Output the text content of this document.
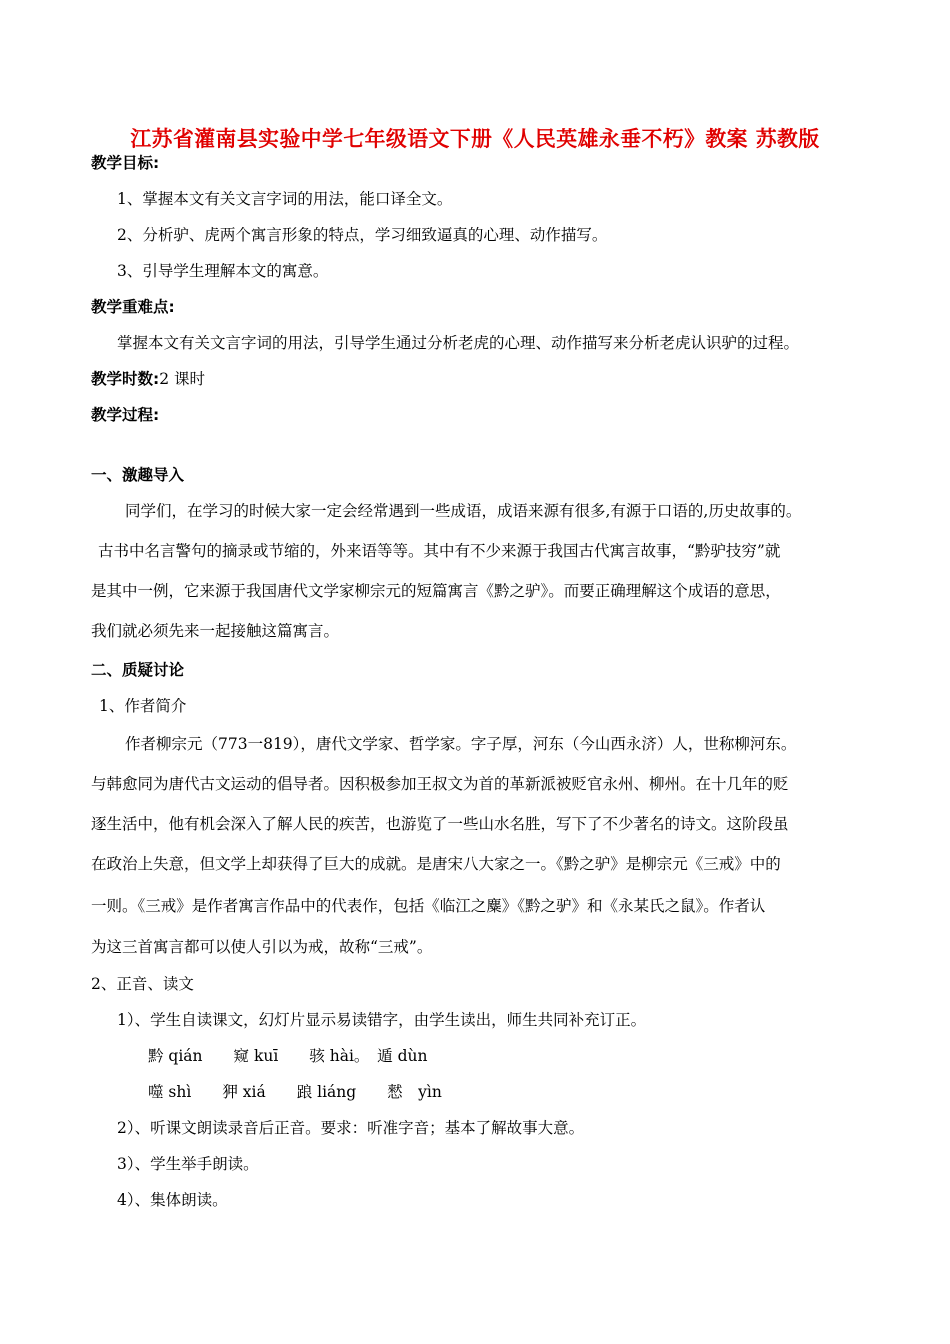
江苏省灌南县实验中学七年级语文下册《人民英雄永垂不朽》教案 苏教版
教学目标:
1、掌握本文有关文言字词的用法，能口译全文。
2、分析驴、虎两个寓言形象的特点，学习细致逼真的心理、动作描写。
3、引导学生理解本文的寓意。
教学重难点:
掌握本文有关文言字词的用法，引导学生通过分析老虎的心理、动作描写来分析老虎认识驴的过程。
教学时数:2 课时
教学过程:
一、激趣导入
同学们，在学习的时候大家一定会经常遇到一些成语，成语来源有很多,有源于口语的,历史故事的。
古书中名言警句的摘录或节缩的，外来语等等。其中有不少来源于我国古代寓言故事，“黔驴技穷”就
是其中一例，它来源于我国唐代文学家柳宗元的短篇寓言《黔之驴》。而要正确理解这个成语的意思，
我们就必须先来一起接触这篇寓言。
二、质疑讨论
1、作者简介
作者柳宗元（773一819），唐代文学家、哲学家。字子厚，河东（今山西永济）人，世称柳河东。
与韩愈同为唐代古文运动的倡导者。因积极参加王叔文为首的革新派被贬官永州、柳州。在十几年的贬
逐生活中，他有机会深入了解人民的疾苦，也游览了一些山水名胜，写下了不少著名的诗文。这阶段虽
在政治上失意，但文学上却获得了巨大的成就。是唐宋八大家之一。《黔之驴》是柳宗元《三戒》中的
一则。《三戒》是作者寓言作品中的代表作，包括《临江之麋》《黔之驴》和《永某氏之鼠》。作者认
为这三首寓言都可以使人引以为戒，故称“三戒”。
2、正音、读文
1）、学生自读课文，幻灯片显示易读错字，由学生读出，师生共同补充订正。
黔 qián　　窥 kuī　　骇 hài。　遁 dùn
噬 shì　　狎 xiá　　踉 liáng　　憖　yìn
2）、听课文朗读录音后正音。要求：听准字音；基本了解故事大意。
3）、学生举手朗读。
4）、集体朗读。
